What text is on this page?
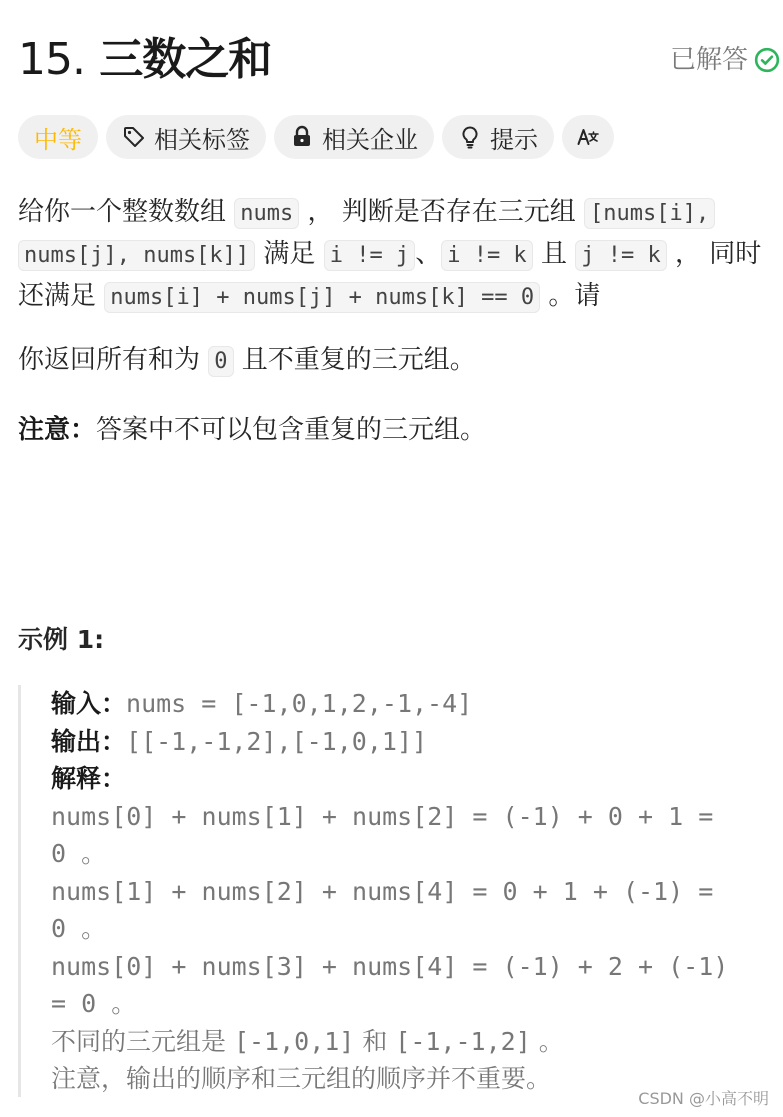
15. 三数之和	已解答
中等	相关标签	相关企业	提示
给你一个整数数组 nums ， 判断是否存在三元组 [nums[i],
nums[j], nums[k]] 满足 i != j 、 i != k 且 j != k ， 同时
还满足 nums[i] + nums[j] + nums[k] == 0 。请
你返回所有和为 0 且不重复的三元组。
注意：答案中不可以包含重复的三元组。
示例 1:
输入：nums = [-1,0,1,2,-1,-4]
输出：[[-1,-1,2],[-1,0,1]]
解释：
nums[0] + nums[1] + nums[2] = (-1) + 0 + 1 =
0 。
nums[1] + nums[2] + nums[4] = 0 + 1 + (-1) =
0 。
nums[0] + nums[3] + nums[4] = (-1) + 2 + (-1)
= 0 。
不同的三元组是 [-1,0,1] 和 [-1,-1,2] 。
注意，输出的顺序和三元组的顺序并不重要。
CSDN @小高不明
